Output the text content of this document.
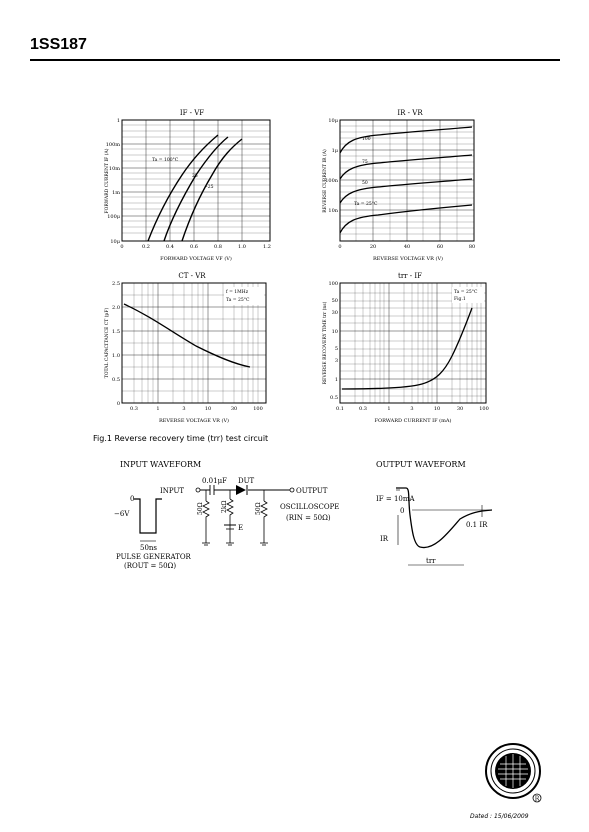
1SS187
IF - VF
Ta = 100°C
25
−25
1
100m
10m
1m
100μ
10μ
0	0.2	0.4	0.6	0.8	1.0	1.2
FORWARD VOLTAGE VF (V)
FORWARD CURRENT IF (A)
IR - VR
100
75
50
Ta = 25°C
10μ
1μ
100n
10n
0	20	40	60	80
REVERSE VOLTAGE VR (V)
REVERSE CURRENT IR (A)
CT - VR
f = 1MHz
Ta = 25°C
2.5
2.0
1.5
1.0
0.5
0
0.3	1	3	10	30	100
REVERSE VOLTAGE VR (V)
TOTAL CAPACITANCE CT (pF)
trr - IF
Ta = 25°C
Fig.1
100
50
30
10
5
3
1
0.5
0.1	0.3	1	3	10	30	100
FORWARD CURRENT IF (mA)
REVERSE RECOVERY TIME trr (ns)
Fig.1 Reverse recovery time (trr) test circuit
INPUT WAVEFORM	OUTPUT WAVEFORM
0
−6V
50ns
PULSE GENERATOR
(ROUT = 50Ω)
INPUT
0.01μF DUT
OUTPUT
OSCILLOSCOPE
(RIN = 50Ω)
50Ω	2kΩ
E
50Ω
IF = 10mA
0
IR
0.1 IR
trr
R
Dated : 15/06/2009
